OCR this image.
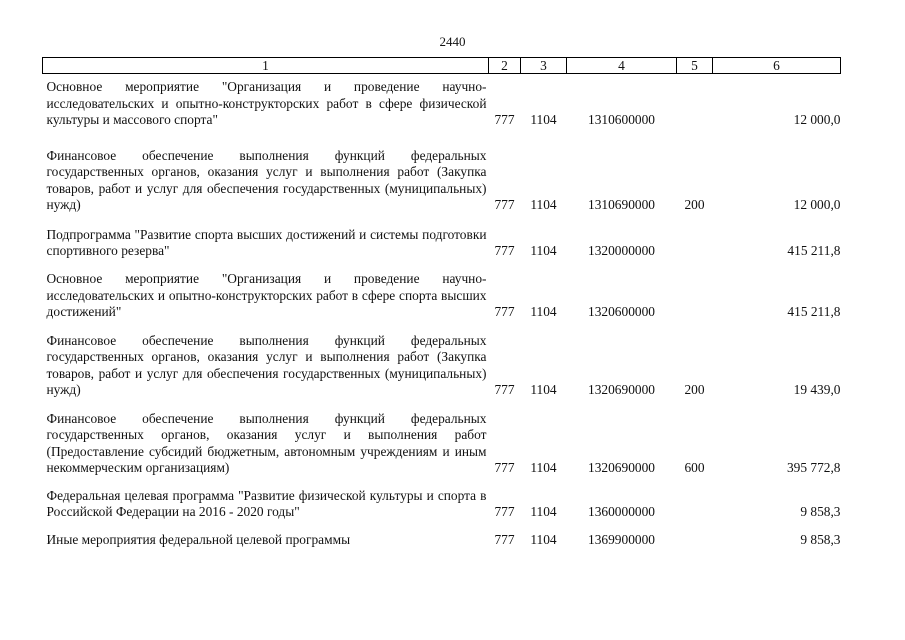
2440
1	2	3	4	5	6
Основное мероприятие "Организация и проведение научно-исследовательских и опытно-конструкторских работ в сфере физической культуры и массового спорта"	777	1104	1310600000		12 000,0
Финансовое обеспечение выполнения функций федеральных государственных органов, оказания услуг и выполнения работ (Закупка товаров, работ и услуг для обеспечения государственных (муниципальных) нужд)	777	1104	1310690000	200	12 000,0
Подпрограмма "Развитие спорта высших достижений и системы подготовки спортивного резерва"	777	1104	1320000000		415 211,8
Основное мероприятие "Организация и проведение научно-исследовательских и опытно-конструкторских работ в сфере спорта высших достижений"	777	1104	1320600000		415 211,8
Финансовое обеспечение выполнения функций федеральных государственных органов, оказания услуг и выполнения работ (Закупка товаров, работ и услуг для обеспечения государственных (муниципальных) нужд)	777	1104	1320690000	200	19 439,0
Финансовое обеспечение выполнения функций федеральных государственных органов, оказания услуг и выполнения работ (Предоставление субсидий бюджетным, автономным учреждениям и иным некоммерческим организациям)	777	1104	1320690000	600	395 772,8
Федеральная целевая программа "Развитие физической культуры и спорта в Российской Федерации на 2016 - 2020 годы"	777	1104	1360000000		9 858,3
Иные мероприятия федеральной целевой программы	777	1104	1369900000		9 858,3
